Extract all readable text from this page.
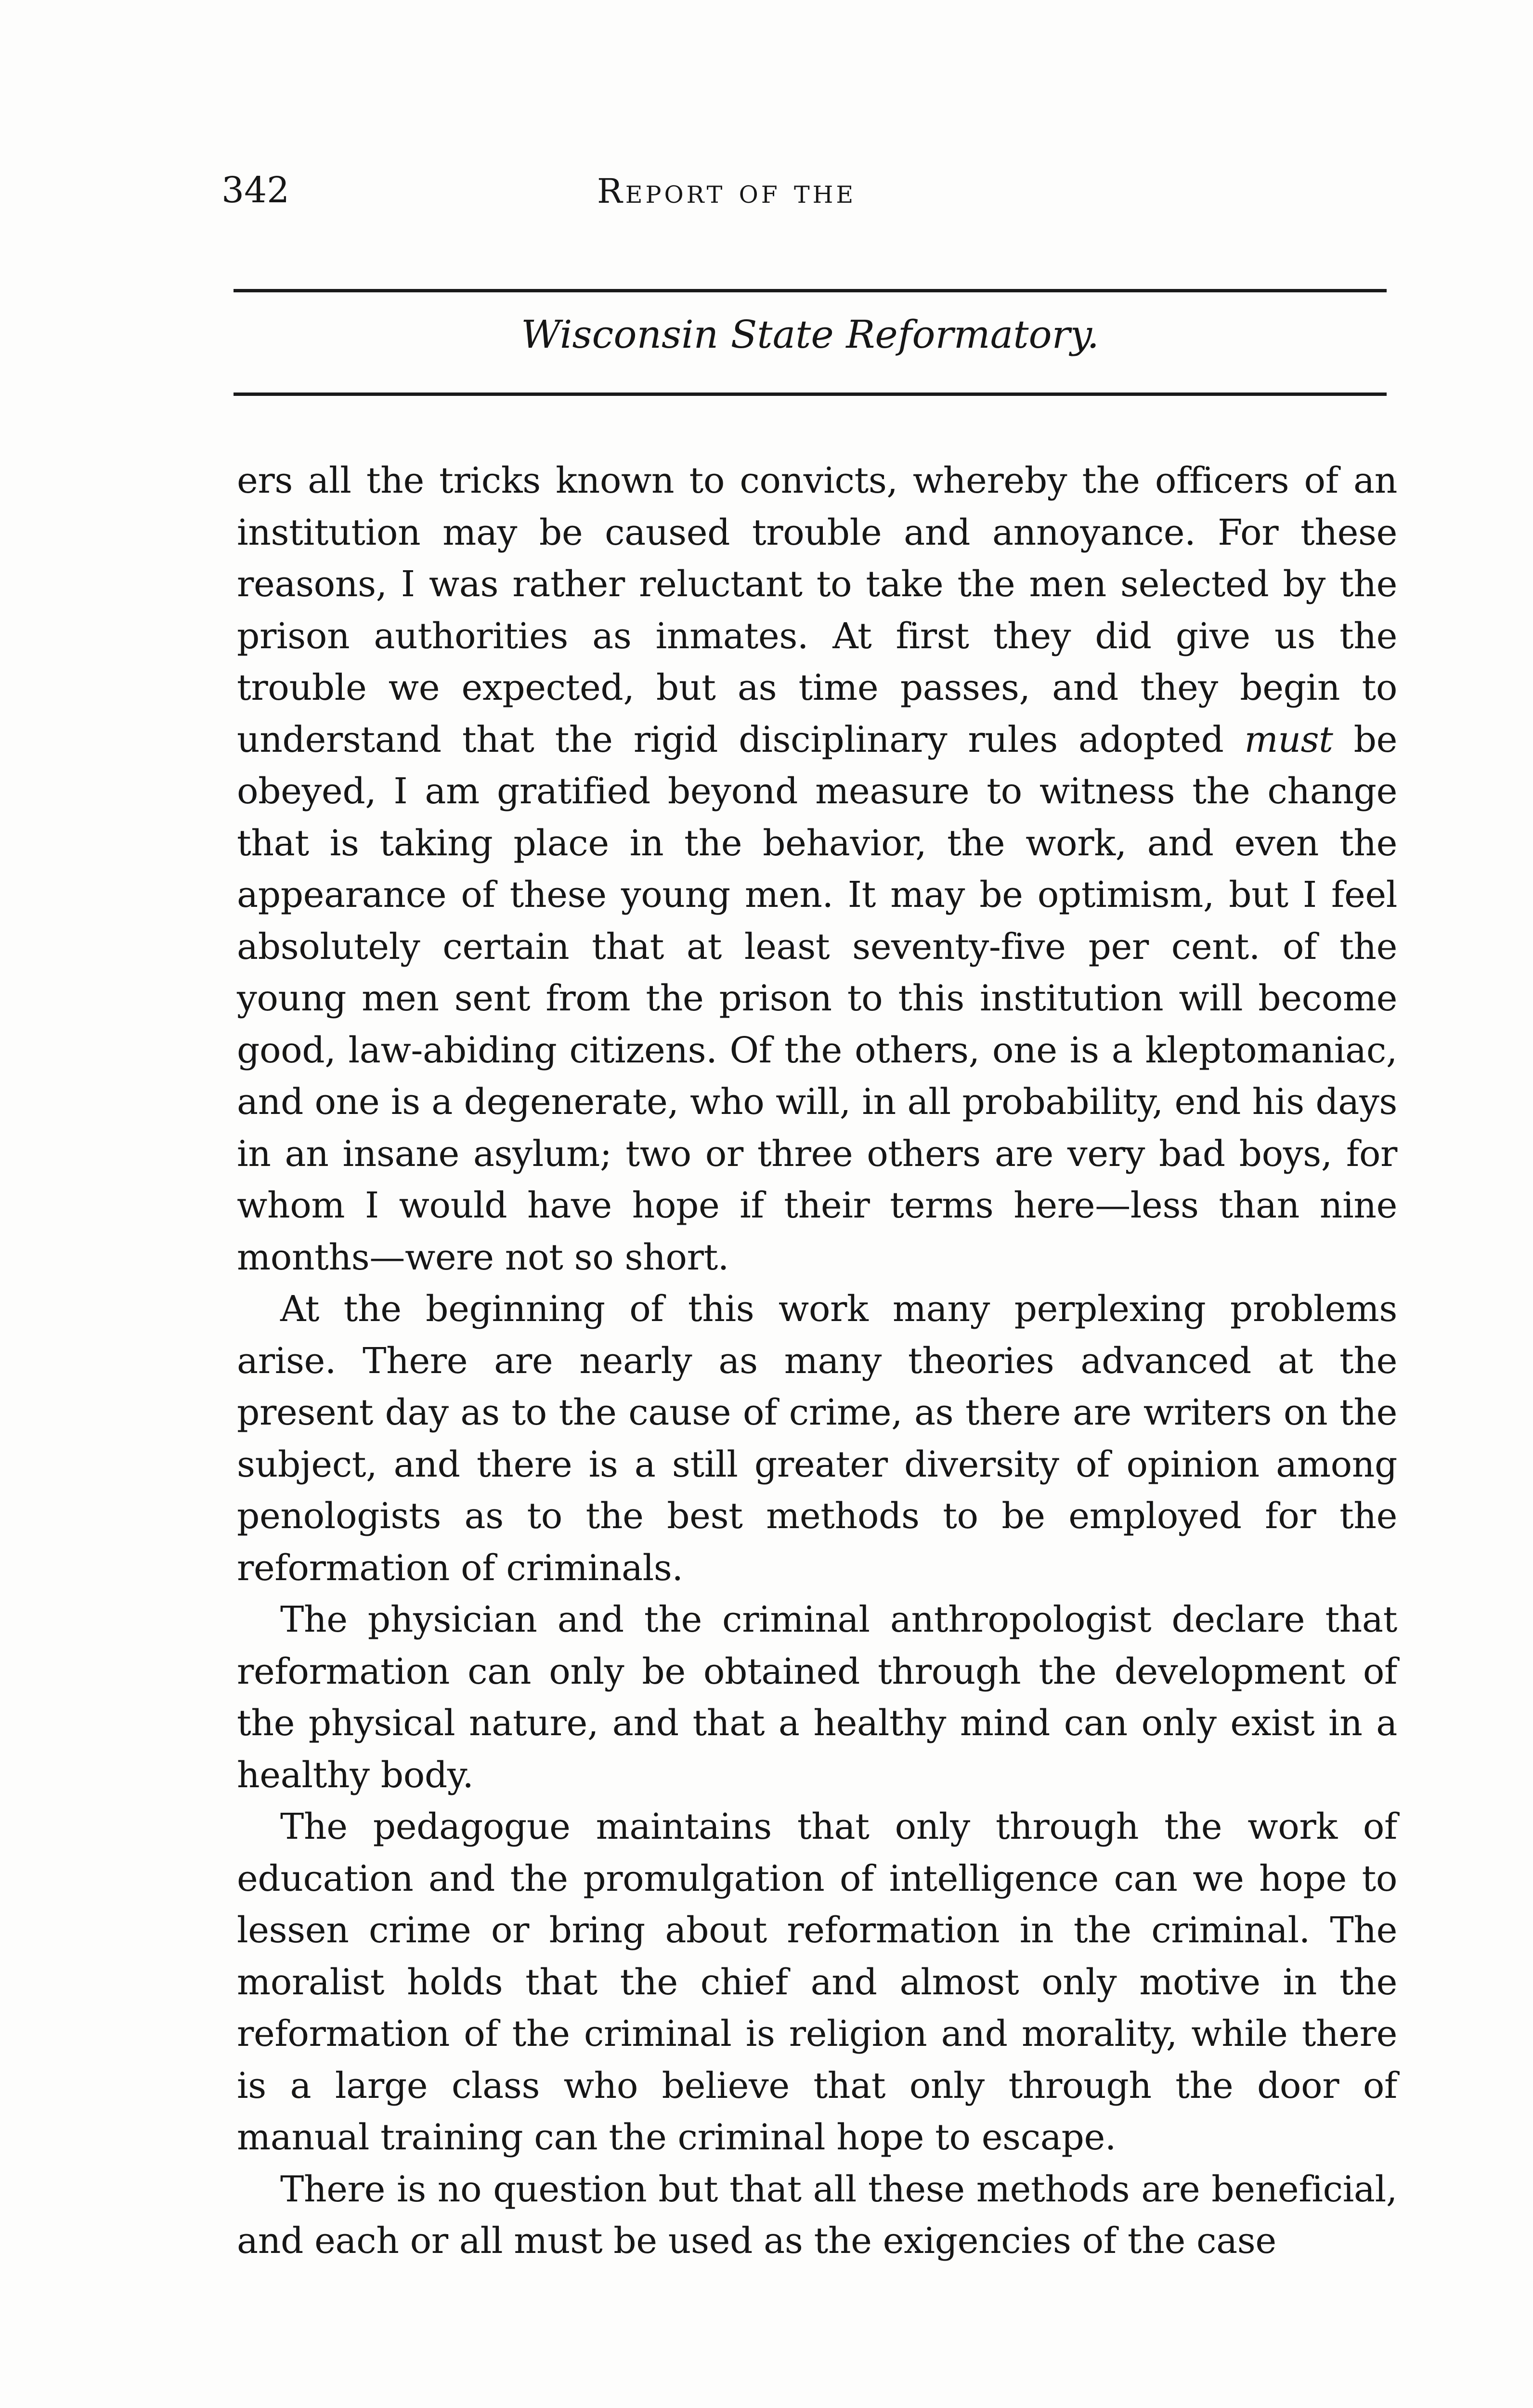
342	Report of the
Wisconsin State Reformatory.

ers all the tricks known to convicts, whereby the officers of an institution may be caused trouble and annoyance. For these reasons, I was rather reluctant to take the men selected by the prison authorities as inmates. At first they did give us the trouble we expected, but as time passes, and they begin to understand that the rigid disciplinary rules adopted must be obeyed, I am gratified beyond measure to witness the change that is taking place in the behavior, the work, and even the appearance of these young men. It may be optimism, but I feel absolutely certain that at least seventy-five per cent. of the young men sent from the prison to this institution will become good, law-abiding citizens. Of the others, one is a kleptomaniac, and one is a degenerate, who will, in all probability, end his days in an insane asylum; two or three others are very bad boys, for whom I would have hope if their terms here—less than nine months—were not so short.

At the beginning of this work many perplexing problems arise. There are nearly as many theories advanced at the present day as to the cause of crime, as there are writers on the subject, and there is a still greater diversity of opinion among penologists as to the best methods to be employed for the reformation of criminals.

The physician and the criminal anthropologist declare that reformation can only be obtained through the development of the physical nature, and that a healthy mind can only exist in a healthy body.

The pedagogue maintains that only through the work of education and the promulgation of intelligence can we hope to lessen crime or bring about reformation in the criminal. The moralist holds that the chief and almost only motive in the reformation of the criminal is religion and morality, while there is a large class who believe that only through the door of manual training can the criminal hope to escape.

There is no question but that all these methods are beneficial, and each or all must be used as the exigencies of the case
